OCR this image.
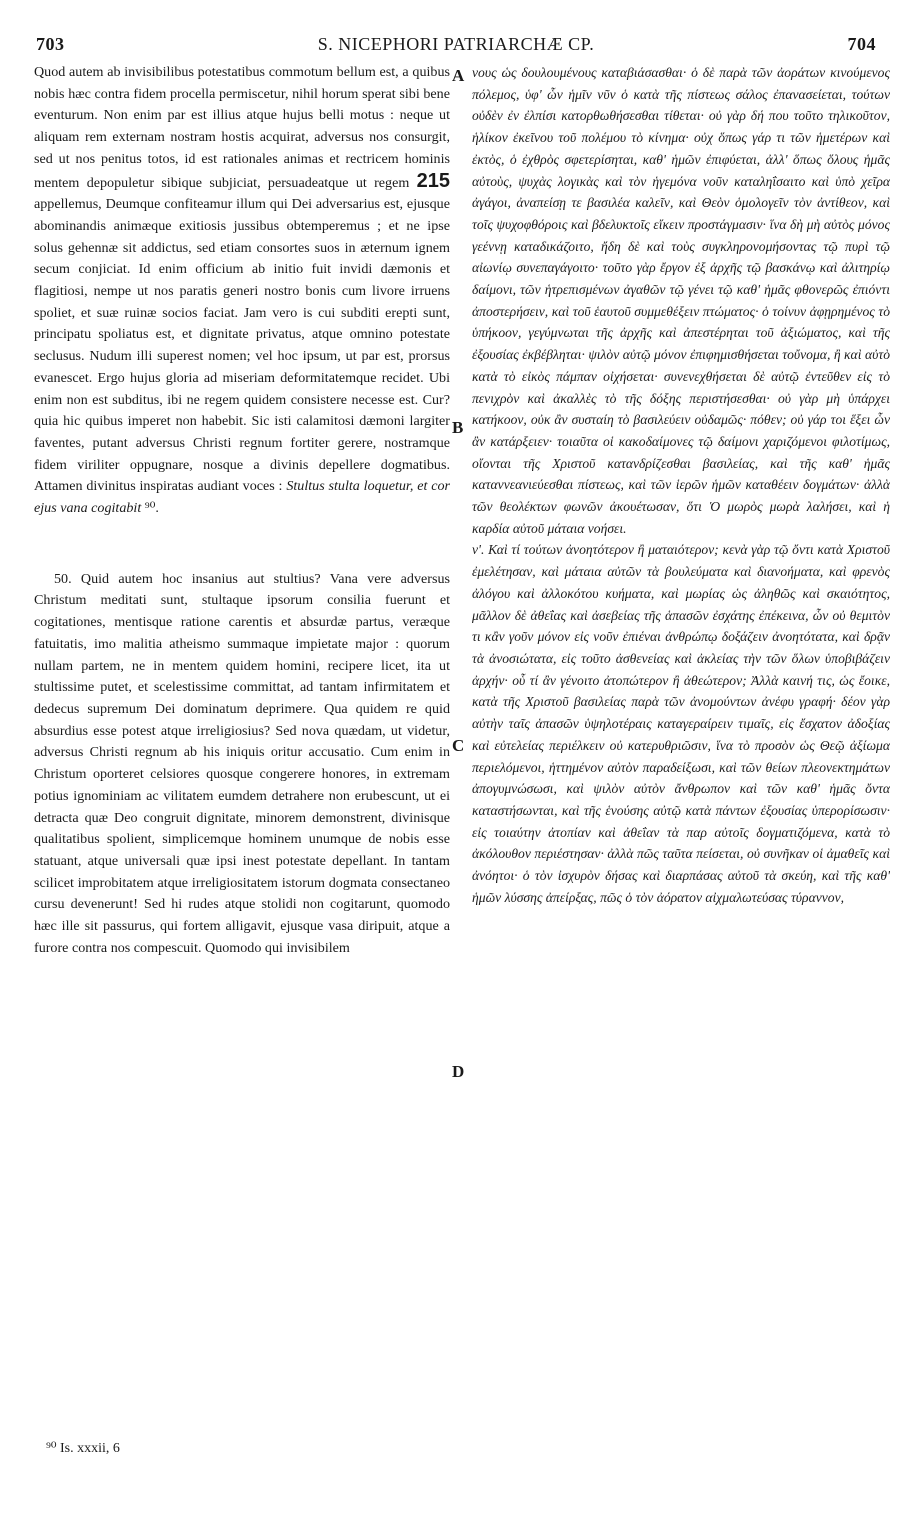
703	S. NICEPHORI PATRIARCHÆ CP.	704

Quod autem ab invisibilibus potestatibus commotum bellum est, a quibus nobis hæc contra fidem procella permiscetur, nihil horum sperat sibi bene eventurum. Non enim par est illius atque hujus belli motus : neque ut aliquam rem externam nostram hostis acquirat, adversus nos consurgit, sed ut nos penitus totos, id est rationales animas et rectricem hominis mentem depopuletur sibique subjiciat, persuadeatque ut regem 215 appellemus, Deumque confiteamur illum qui Dei adversarius est, ejusque abominandis animæque exitiosis jussibus obtemperemus ; et ne ipse solus gehennæ sit addictus, sed etiam consortes suos in æternum ignem secum conjiciat. Id enim officium ab initio fuit invidi dæmonis et flagitiosi, nempe ut nos paratis generi nostro bonis cum livore irruens spoliet, et suæ ruinæ socios faciat. Jam vero is cui subditi erepti sunt, principatu spoliatus est, et dignitate privatus, atque omnino potestate seclusus. Nudum illi superest nomen; vel hoc ipsum, ut par est, prorsus evanescet. Ergo hujus gloria ad miseriam deformitatemque recidet. Ubi enim non est subditus, ibi ne regem quidem consistere necesse est. Cur? quia hic quibus imperet non habebit. Sic isti calamitosi dæmoni largiter faventes, putant adversus Christi regnum fortiter gerere, nostramque fidem viriliter oppugnare, nosque a divinis depellere dogmatibus. Attamen divinitus inspiratas audiant voces : Stultus stulta loquetur, et cor ejus vana cogitabit ⁹⁰.

50. Quid autem hoc insanius aut stultius? Vana vere adversus Christum meditati sunt, stultaque ipsorum consilia fuerunt et cogitationes, mentisque ratione carentis et absurdæ partus, veræque fatuitatis, imo malitia atheismo summaque impietate major : quorum nullam partem, ne in mentem quidem homini, recipere licet, ita ut stultissime putet, et scelestissime committat, ad tantam infirmitatem et dedecus supremum Dei dominatum deprimere. Qua quidem re quid absurdius esse potest atque irreligiosius? Sed nova quædam, ut videtur, adversus Christi regnum ab his iniquis oritur accusatio. Cum enim in Christum oporteret celsiores quosque congerere honores, in extremam potius ignominiam ac vilitatem eumdem detrahere non erubescunt, ut ei detracta quæ Deo congruit dignitate, minorem demonstrent, divinisque qualitatibus spolient, simplicemque hominem unumque de nobis esse statuant, atque universali quæ ipsi inest potestate depellant. In tantam scilicet improbitatem atque irreligiositatem istorum dogmata consectaneo cursu devenerunt! Sed hi rudes atque stolidi non cogitarunt, quomodo hæc ille sit passurus, qui fortem alligavit, ejusque vasa diripuit, atque a furore contra nos compescuit. Quomodo qui invisibilem

νους ὡς δουλουμένους καταβιάσασθαι· ὁ δὲ παρὰ τῶν ἀοράτων κινούμενος πόλεμος, ὑφ' ὧν ἡμῖν νῦν ὁ κατὰ τῆς πίστεως σάλος ἐπανασείεται, τούτων οὐδὲν ἐν ἐλπίσι κατορθωθήσεσθαι τίθεται· οὐ γὰρ δή που τοῦτο τηλικοῦτον, ἡλίκον ἐκεῖνου τοῦ πολέμου τὸ κίνημα· οὐχ ὅπως γάρ τι τῶν ἡμετέρων καὶ ἐκτὸς, ὁ ἐχθρὸς σφετερίσηται, καθ' ἡμῶν ἐπιφύεται, ἀλλ' ὅπως ὅλους ἡμᾶς αὐτοὺς, ψυχὰς λογικὰς καὶ τὸν ἡγεμόνα νοῦν καταληΐσαιτο καὶ ὑπὸ χεῖρα ἀγάγοι, ἀναπείσῃ τε βασιλέα καλεῖν, καὶ Θεὸν ὁμολογεῖν τὸν ἀντίθεον, καὶ τοῖς ψυχοφθόροις καὶ βδελυκτοῖς εἴκειν προστάγμασιν· ἵνα δὴ μὴ αὐτὸς μόνος γεέννῃ καταδικάζοιτο, ἤδη δὲ καὶ τοὺς συγκληρονομήσοντας τῷ πυρὶ τῷ αἰωνίῳ συνεπαγάγοιτο· τοῦτο γὰρ ἔργον ἐξ ἀρχῆς τῷ βασκάνῳ καὶ ἀλιτηρίῳ δαίμονι, τῶν ἡτρεπισμένων ἀγαθῶν τῷ γένει τῷ καθ' ἡμᾶς φθονερῶς ἐπιόντι ἀποστερήσειν, καὶ τοῦ ἑαυτοῦ συμμεθέξειν πτώματος· ὁ τοίνυν ἀφῃρημένος τὸ ὑπήκοον, γεγύμνωται τῆς ἀρχῆς καὶ ἀπεστέρηται τοῦ ἀξιώματος, καὶ τῆς ἐξουσίας ἐκβέβληται· ψιλὸν αὐτῷ μόνον ἐπιφημισθήσεται τοὔνομα, ἢ καὶ αὐτὸ κατὰ τὸ εἰκὸς πάμπαν οἰχήσεται· συνενεχθήσεται δὲ αὐτῷ ἐντεῦθεν εἰς τὸ πενιχρὸν καὶ ἀκαλλὲς τὸ τῆς δόξης περιστήσεσθαι· οὐ γὰρ μὴ ὑπάρχει κατήκοον, οὐκ ἂν συσταίη τὸ βασιλεύειν οὐδαμῶς· πόθεν; οὐ γάρ τοι ἕξει ὧν ἂν κατάρξειεν· τοιαῦτα οἱ κακοδαίμονες τῷ δαίμονι χαριζόμενοι φιλοτίμως, οἴονται τῆς Χριστοῦ κατανδρίζεσθαι βασιλείας, καὶ τῆς καθ' ἡμᾶς καταννεανιεύεσθαι πίστεως, καὶ τῶν ἱερῶν ἡμῶν καταθέειν δογμάτων· ἀλλὰ τῶν θεολέκτων φωνῶν ἀκουέτωσαν, ὅτι Ὁ μωρὸς μωρὰ λαλήσει, καὶ ἡ καρδία αὐτοῦ μάταια νοήσει.

ν'. Καὶ τί τούτων ἀνοητότερον ἢ ματαιότερον; κενὰ γὰρ τῷ ὄντι κατὰ Χριστοῦ ἐμελέτησαν, καὶ μάταια αὐτῶν τὰ βουλεύματα καὶ διανοήματα, καὶ φρενὸς ἀλόγου καὶ ἀλλοκότου κυήματα, καὶ μωρίας ὡς ἀληθῶς καὶ σκαιότητος, μᾶλλον δὲ ἀθεΐας καὶ ἀσεβείας τῆς ἁπασῶν ἐσχάτης ἐπέκεινα, ὧν οὐ θεμιτὸν τι κἂν γοῦν μόνον εἰς νοῦν ἐπιέναι ἀνθρώπῳ δοξάζειν ἀνοητότατα, καὶ δρᾷν τὰ ἀνοσιώτατα, εἰς τοῦτο ἀσθενείας καὶ ἀκλείας τὴν τῶν ὅλων ὑποβιβάζειν ἀρχήν· οὗ τί ἂν γένοιτο ἀτοπώτερον ἢ ἀθεώτερον; Ἀλλὰ καινή τις, ὡς ἔοικε, κατὰ τῆς Χριστοῦ βασιλείας παρὰ τῶν ἀνομούντων ἀνέφυ γραφή· δέον γὰρ αὐτὴν ταῖς ἁπασῶν ὑψηλοτέραις καταγεραίρειν τιμαῖς, εἰς ἔσχατον ἀδοξίας καὶ εὐτελείας περιέλκειν οὐ κατερυθριῶσιν, ἵνα τὸ προσὸν ὡς Θεῷ ἀξίωμα περιελόμενοι, ἡττημένον αὐτὸν παραδείξωσι, καὶ τῶν θείων πλεονεκτημάτων ἀπογυμνώσωσι, καὶ ψιλὸν αὐτὸν ἄνθρωπον καὶ τῶν καθ' ἡμᾶς ὄντα καταστήσωνται, καὶ τῆς ἑνούσης αὐτῷ κατὰ πάντων ἐξουσίας ὑπερορίσωσιν· εἰς τοιαύτην ἀτοπίαν καὶ ἀθεΐαν τὰ παρ αὐτοῖς δογματιζόμενα, κατὰ τὸ ἀκόλουθον περιέστησαν· ἀλλὰ πῶς ταῦτα πείσεται, οὐ συνῆκαν οἱ ἀμαθεῖς καὶ ἀνόητοι· ὁ τὸν ἰσχυρὸν δήσας καὶ διαρπάσας αὐτοῦ τὰ σκεύη, καὶ τῆς καθ' ἡμῶν λύσσης ἀπείρξας, πῶς ὁ τὸν ἀόρατον αἰχμαλωτεύσας τύραννον,

A
B
C
D
⁹⁰ Is. xxxii, 6
